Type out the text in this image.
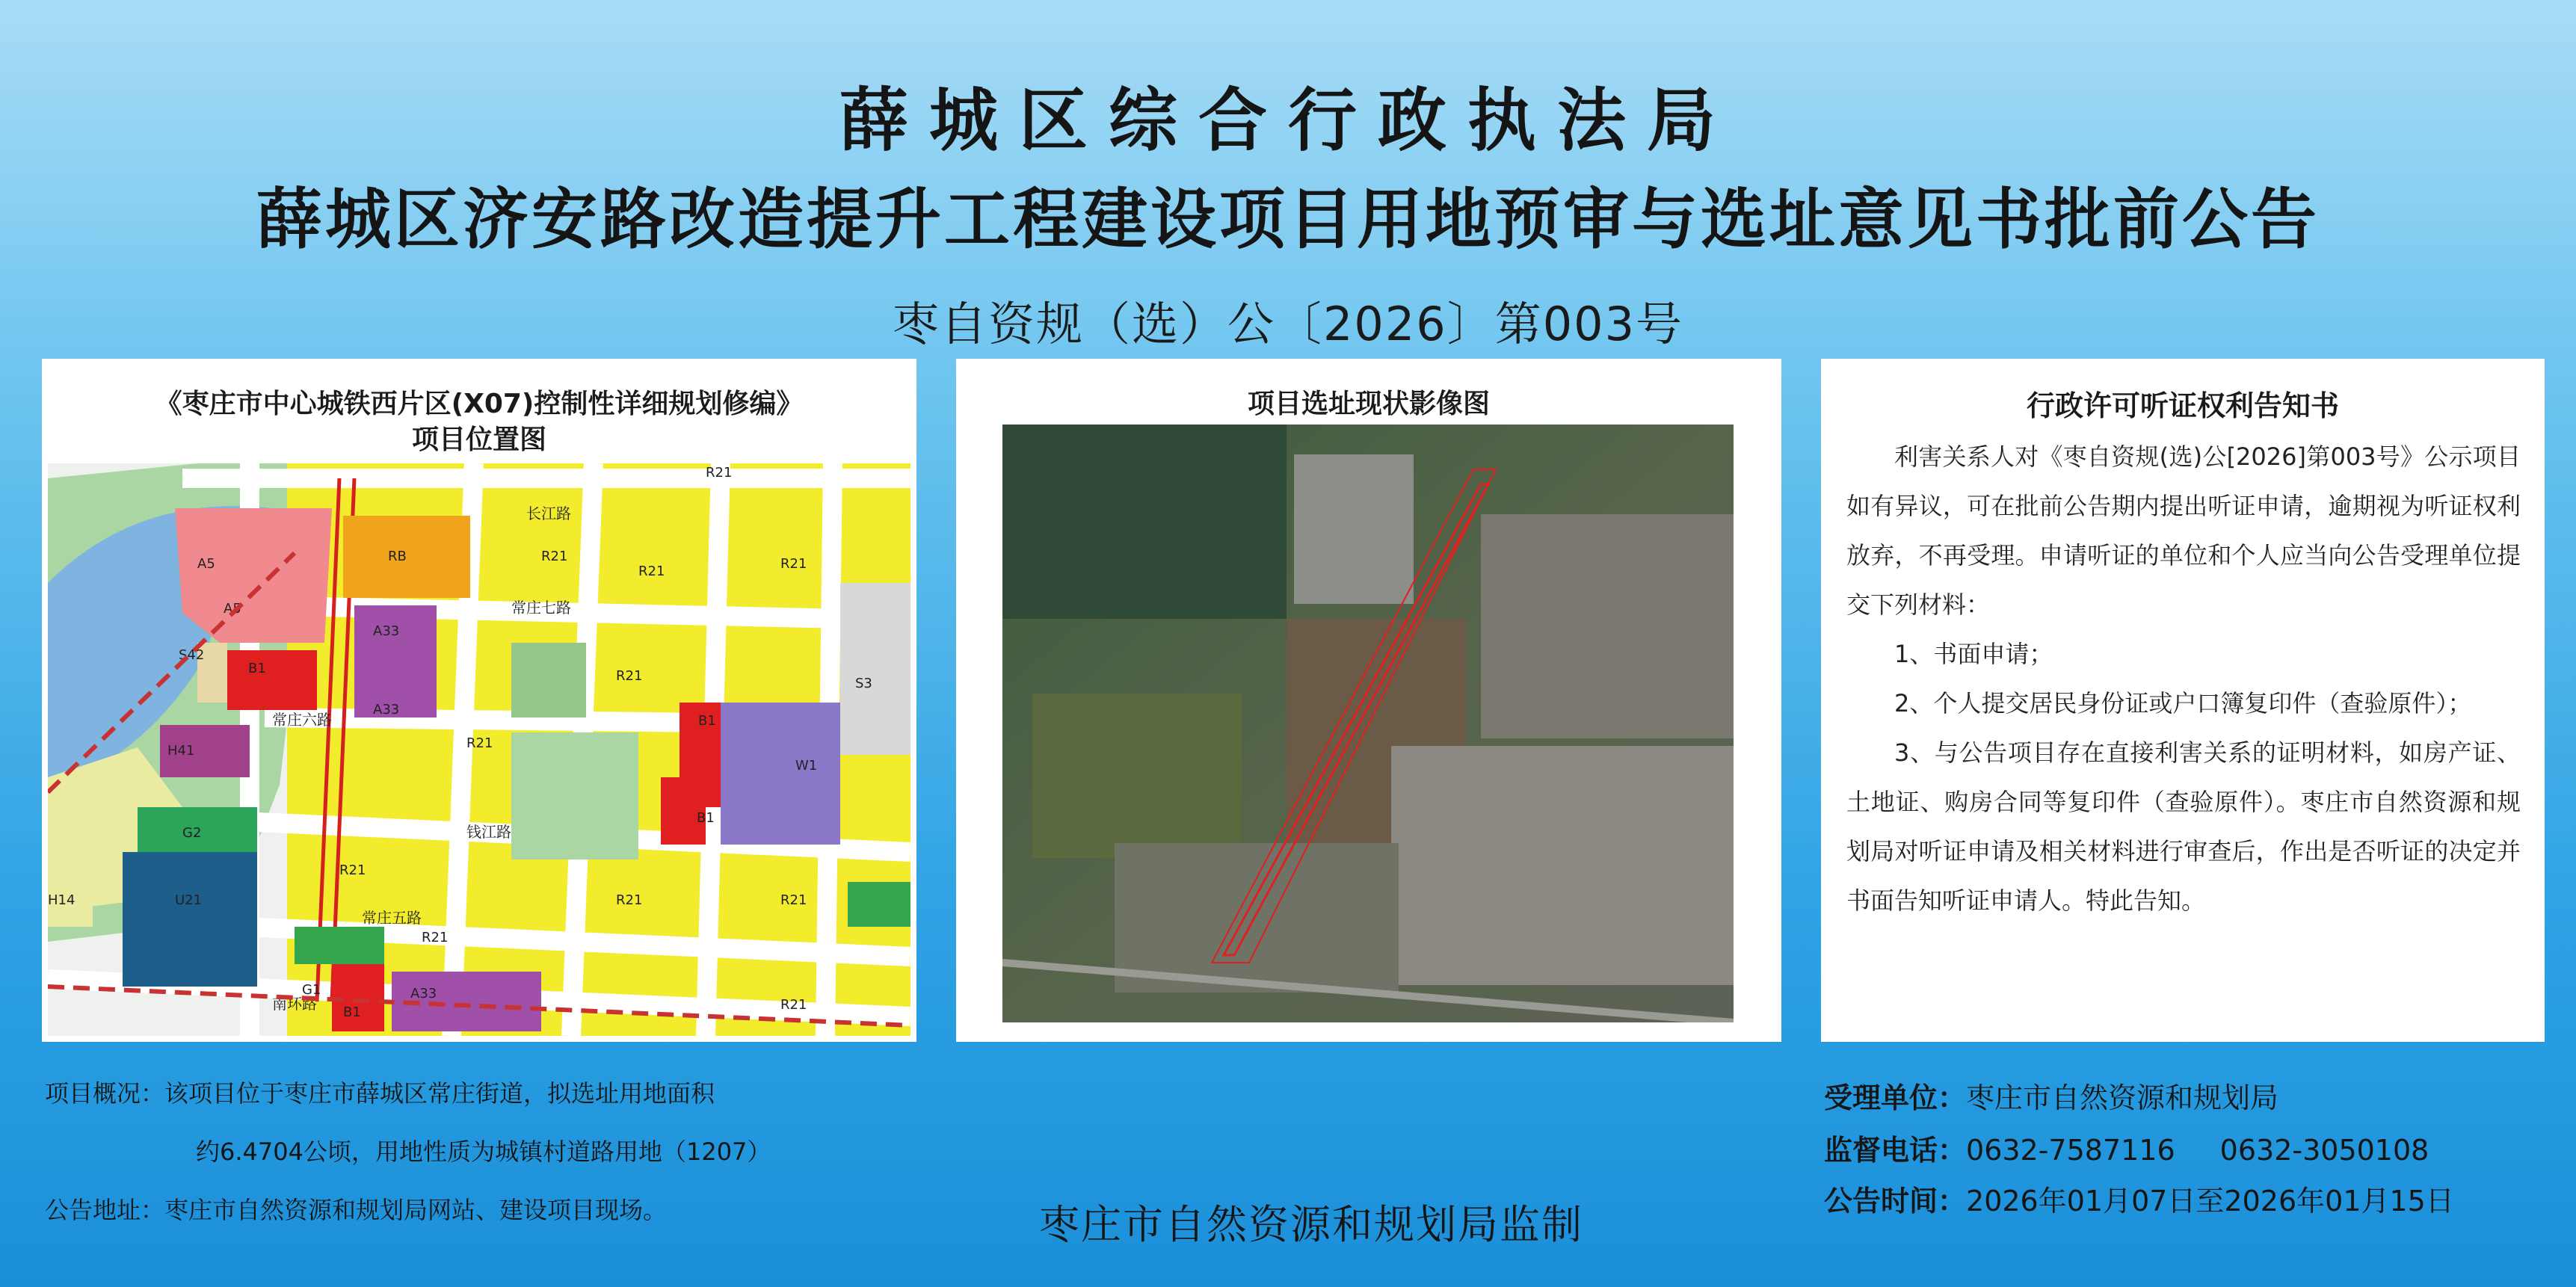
薛城区综合行政执法局
薛城区济安路改造提升工程建设项目用地预审与选址意见书批前公告
枣自资规（选）公〔2026〕第003号
《枣庄市中心城铁西片区(X07)控制性详细规划修编》
项目位置图
RB
A5
A5
A33
A33
S42
B1
B1
B1
B1
H41
G2
U21
S3
W1
H14
G1	A33
R21
R21	R21
R21
R21
R21
R21	R21
R21
R21
R21
长江路
钱江路
常庄五路
常庄六路
常庄七路
南环路
项目选址现状影像图	行政许可听证权利告知书

利害关系人对《枣自资规(选)公[2026]第003号》公示项目如有异议，可在批前公告期内提出听证申请，逾期视为听证权利放弃，不再受理。申请听证的单位和个人应当向公告受理单位提交下列材料：

1、书面申请；

2、个人提交居民身份证或户口簿复印件（查验原件）；

3、与公告项目存在直接利害关系的证明材料，如房产证、土地证、购房合同等复印件（查验原件）。枣庄市自然资源和规划局对听证申请及相关材料进行审查后，作出是否听证的决定并书面告知听证申请人。特此告知。

项目概况：该项目位于枣庄市薛城区常庄街道，拟选址用地面积
约6.4704公顷，用地性质为城镇村道路用地（1207）
公告地址：枣庄市自然资源和规划局网站、建设项目现场。	枣庄市自然资源和规划局监制
受理单位：枣庄市自然资源和规划局
监督电话：0632-7587116 0632-3050108
公告时间：2026年01月07日至2026年01月15日
